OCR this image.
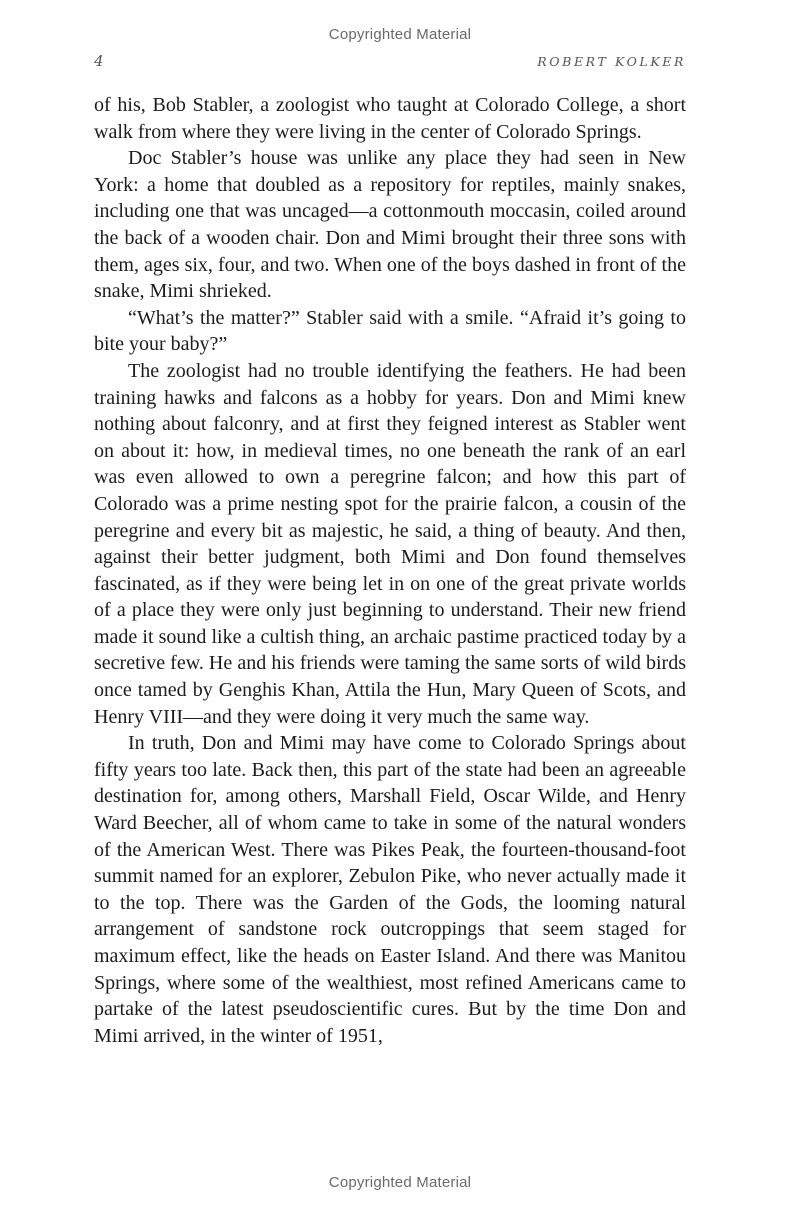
Copyrighted Material
4	ROBERT KOLKER

of his, Bob Stabler, a zoologist who taught at Colorado College, a short walk from where they were living in the center of Colorado Springs.

Doc Stabler’s house was unlike any place they had seen in New York: a home that doubled as a repository for reptiles, mainly snakes, including one that was uncaged—a cottonmouth moccasin, coiled around the back of a wooden chair. Don and Mimi brought their three sons with them, ages six, four, and two. When one of the boys dashed in front of the snake, Mimi shrieked.

“What’s the matter?” Stabler said with a smile. “Afraid it’s going to bite your baby?”

The zoologist had no trouble identifying the feathers. He had been training hawks and falcons as a hobby for years. Don and Mimi knew nothing about falconry, and at first they feigned interest as Stabler went on about it: how, in medieval times, no one beneath the rank of an earl was even allowed to own a peregrine falcon; and how this part of Colorado was a prime nesting spot for the prairie falcon, a cousin of the peregrine and every bit as majestic, he said, a thing of beauty. And then, against their better judgment, both Mimi and Don found themselves fascinated, as if they were being let in on one of the great private worlds of a place they were only just beginning to understand. Their new friend made it sound like a cultish thing, an archaic pastime practiced today by a secretive few. He and his friends were taming the same sorts of wild birds once tamed by Genghis Khan, Attila the Hun, Mary Queen of Scots, and Henry VIII—and they were doing it very much the same way.

In truth, Don and Mimi may have come to Colorado Springs about fifty years too late. Back then, this part of the state had been an agreeable destination for, among others, Marshall Field, Oscar Wilde, and Henry Ward Beecher, all of whom came to take in some of the natural wonders of the American West. There was Pikes Peak, the fourteen-thousand-foot summit named for an explorer, Zebulon Pike, who never actually made it to the top. There was the Garden of the Gods, the looming natural arrangement of sandstone rock outcroppings that seem staged for maximum effect, like the heads on Easter Island. And there was Manitou Springs, where some of the wealthiest, most refined Americans came to partake of the latest pseudoscientific cures. But by the time Don and Mimi arrived, in the winter of 1951,

Copyrighted Material
